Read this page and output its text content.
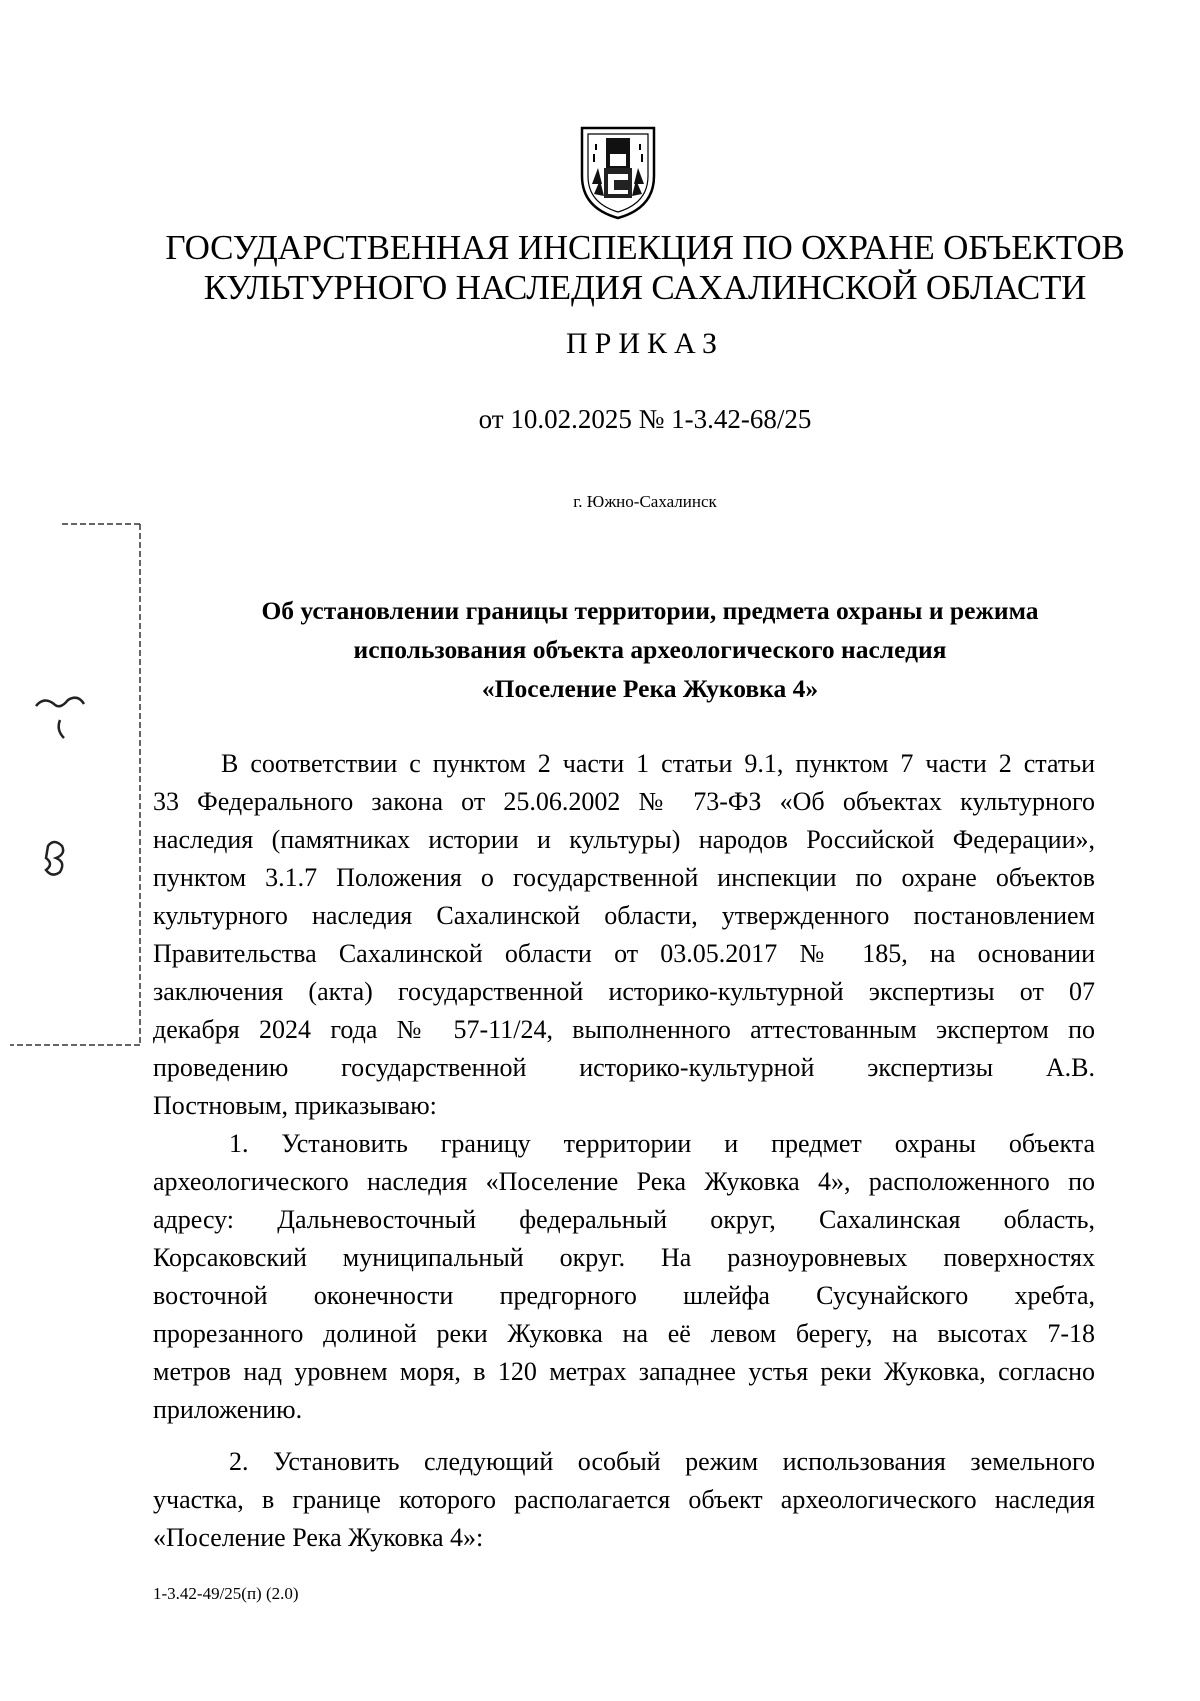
ГОСУДАРСТВЕННАЯ ИНСПЕКЦИЯ ПО ОХРАНЕ ОБЪЕКТОВ
КУЛЬТУРНОГО НАСЛЕДИЯ САХАЛИНСКОЙ ОБЛАСТИ
ПРИКАЗ
от 10.02.2025 № 1-3.42-68/25
г. Южно-Сахалинск
Об установлении границы территории, предмета охраны и режима
использования объекта археологического наследия
«Поселение Река Жуковка 4»
В соответствии с пунктом 2 части 1 статьи 9.1, пунктом 7 части 2 статьи
33 Федерального закона от 25.06.2002 № 73-ФЗ «Об объектах культурного
наследия (памятниках истории и культуры) народов Российской Федерации»,
пунктом 3.1.7 Положения о государственной инспекции по охране объектов
культурного наследия Сахалинской области, утвержденного постановлением
Правительства Сахалинской области от 03.05.2017 № 185, на основании
заключения (акта) государственной историко-культурной экспертизы от 07
декабря 2024 года № 57-11/24, выполненного аттестованным экспертом по
проведению государственной историко-культурной экспертизы А.В.
Постновым, приказываю:
1. Установить границу территории и предмет охраны объекта
археологического наследия «Поселение Река Жуковка 4», расположенного по
адресу: Дальневосточный федеральный округ, Сахалинская область,
Корсаковский муниципальный округ. На разноуровневых поверхностях
восточной оконечности предгорного шлейфа Сусунайского хребта,
прорезанного долиной реки Жуковка на её левом берегу, на высотах 7-18
метров над уровнем моря, в 120 метрах западнее устья реки Жуковка, согласно
приложению.
2. Установить следующий особый режим использования земельного
участка, в границе которого располагается объект археологического наследия
«Поселение Река Жуковка 4»:
1-3.42-49/25(п) (2.0)
